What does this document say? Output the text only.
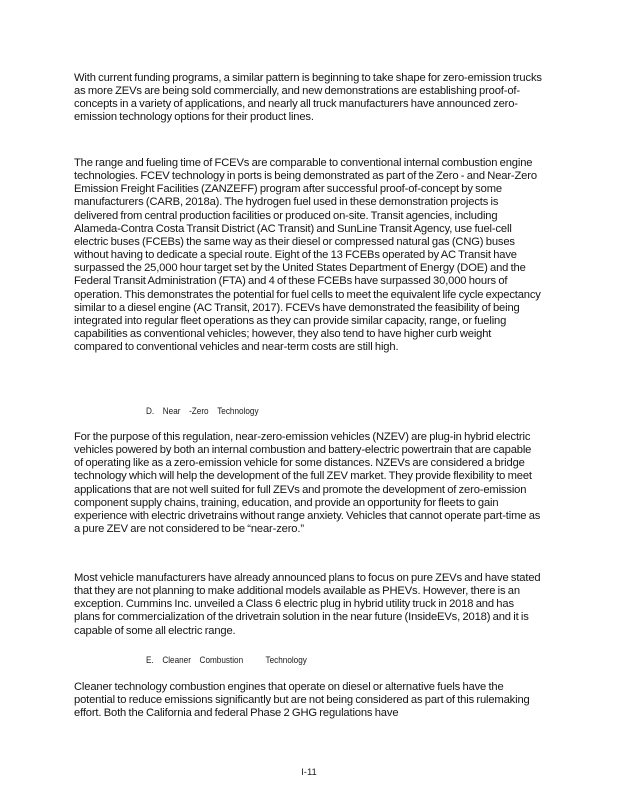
With current funding programs, a similar pattern is beginning to take shape for zero-emission trucks as more ZEVs are being sold commercially, and new demonstrations are establishing proof-of-concepts in a variety of applications, and nearly all truck manufacturers have announced zero-emission technology options for their product lines.

The range and fueling time of FCEVs are comparable to conventional internal combustion engine technologies. FCEV technology in ports is being demonstrated as part of the Zero - and Near-Zero Emission Freight Facilities (ZANZEFF) program after successful proof-of-concept by some manufacturers (CARB, 2018a). The hydrogen fuel used in these demonstration projects is delivered from central production facilities or produced on-site. Transit agencies, including Alameda-Contra Costa Transit District (AC Transit) and SunLine Transit Agency, use fuel-cell electric buses (FCEBs) the same way as their diesel or compressed natural gas (CNG) buses without having to dedicate a special route. Eight of the 13 FCEBs operated by AC Transit have surpassed the 25,000 hour target set by the United States Department of Energy (DOE) and the Federal Transit Administration (FTA) and 4 of these FCEBs have surpassed 30,000 hours of operation. This demonstrates the potential for fuel cells to meet the equivalent life cycle expectancy similar to a diesel engine (AC Transit, 2017). FCEVs have demonstrated the feasibility of being integrated into regular fleet operations as they can provide similar capacity, range, or fueling capabilities as conventional vehicles; however, they also tend to have higher curb weight compared to conventional vehicles and near-term costs are still high.

D. Near -Zero Technology

For the purpose of this regulation, near-zero-emission vehicles (NZEV) are plug-in hybrid electric vehicles powered by both an internal combustion and battery-electric powertrain that are capable of operating like as a zero-emission vehicle for some distances. NZEVs are considered a bridge technology which will help the development of the full ZEV market. They provide flexibility to meet applications that are not well suited for full ZEVs and promote the development of zero-emission component supply chains, training, education, and provide an opportunity for fleets to gain experience with electric drivetrains without range anxiety. Vehicles that cannot operate part-time as a pure ZEV are not considered to be “near-zero.”

Most vehicle manufacturers have already announced plans to focus on pure ZEVs and have stated that they are not planning to make additional models available as PHEVs. However, there is an exception. Cummins Inc. unveiled a Class 6 electric plug in hybrid utility truck in 2018 and has plans for commercialization of the drivetrain solution in the near future (InsideEVs, 2018) and it is capable of some all electric range.

E. Cleaner Combustion Technology

Cleaner technology combustion engines that operate on diesel or alternative fuels have the potential to reduce emissions significantly but are not being considered as part of this rulemaking effort. Both the California and federal Phase 2 GHG regulations have

I-11
